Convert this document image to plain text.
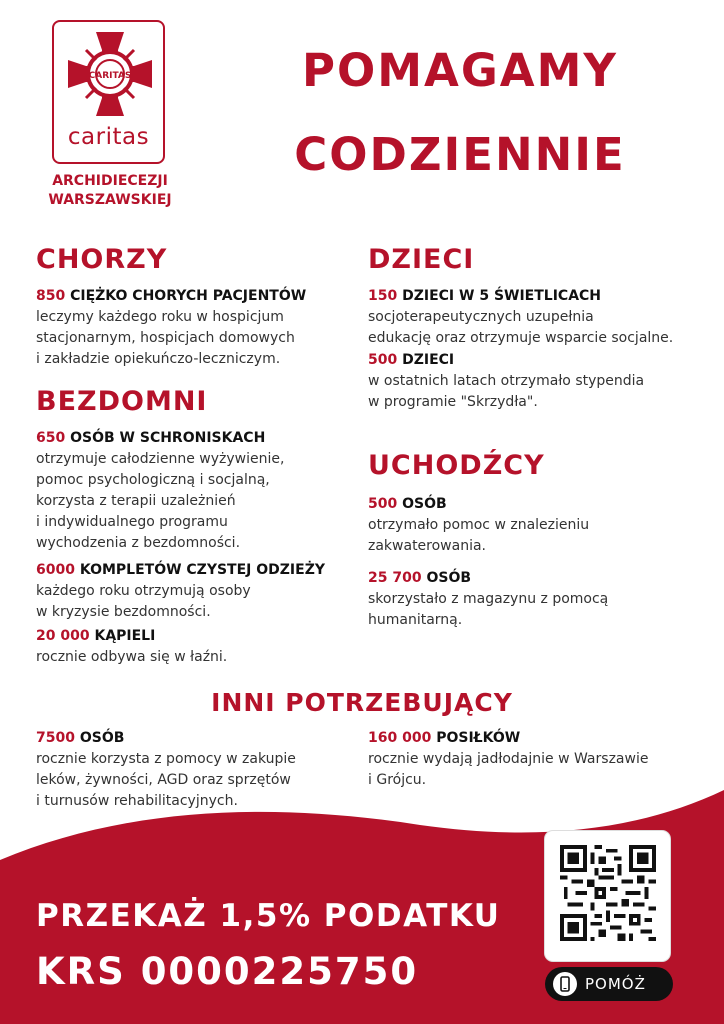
CARITAS
caritas
ARCHIDIECEZJI
WARSZAWSKIEJ
POMAGAMY
CODZIENNIE
CHORZY
850 CIĘŻKO CHORYCH PACJENTÓW
leczymy każdego roku w hospicjum
stacjonarnym, hospicjach domowych
i zakładzie opiekuńczo-leczniczym.
BEZDOMNI
650 OSÓB W SCHRONISKACH
otrzymuje całodzienne wyżywienie,
pomoc psychologiczną i socjalną,
korzysta z terapii uzależnień
i indywidualnego programu
wychodzenia z bezdomności.
6000 KOMPLETÓW CZYSTEJ ODZIEŻY
każdego roku otrzymują osoby
w kryzysie bezdomności.
20 000 KĄPIELI
rocznie odbywa się w łaźni.
DZIECI
150 DZIECI W 5 ŚWIETLICACH
socjoterapeutycznych uzupełnia
edukację oraz otrzymuje wsparcie socjalne.
500 DZIECI
w ostatnich latach otrzymało stypendia
w programie "Skrzydła".
UCHODŹCY
500 OSÓB
otrzymało pomoc w znalezieniu
zakwaterowania.
25 700 OSÓB
skorzystało z magazynu z pomocą
humanitarną.
INNI POTRZEBUJĄCY
7500 OSÓB
rocznie korzysta z pomocy w zakupie
leków, żywności, AGD oraz sprzętów
i turnusów rehabilitacyjnych.
160 000 POSIŁKÓW
rocznie wydają jadłodajnie w Warszawie
i Grójcu.
PRZEKAŻ 1,5% PODATKU
KRS 0000225750	POMÓŻ
